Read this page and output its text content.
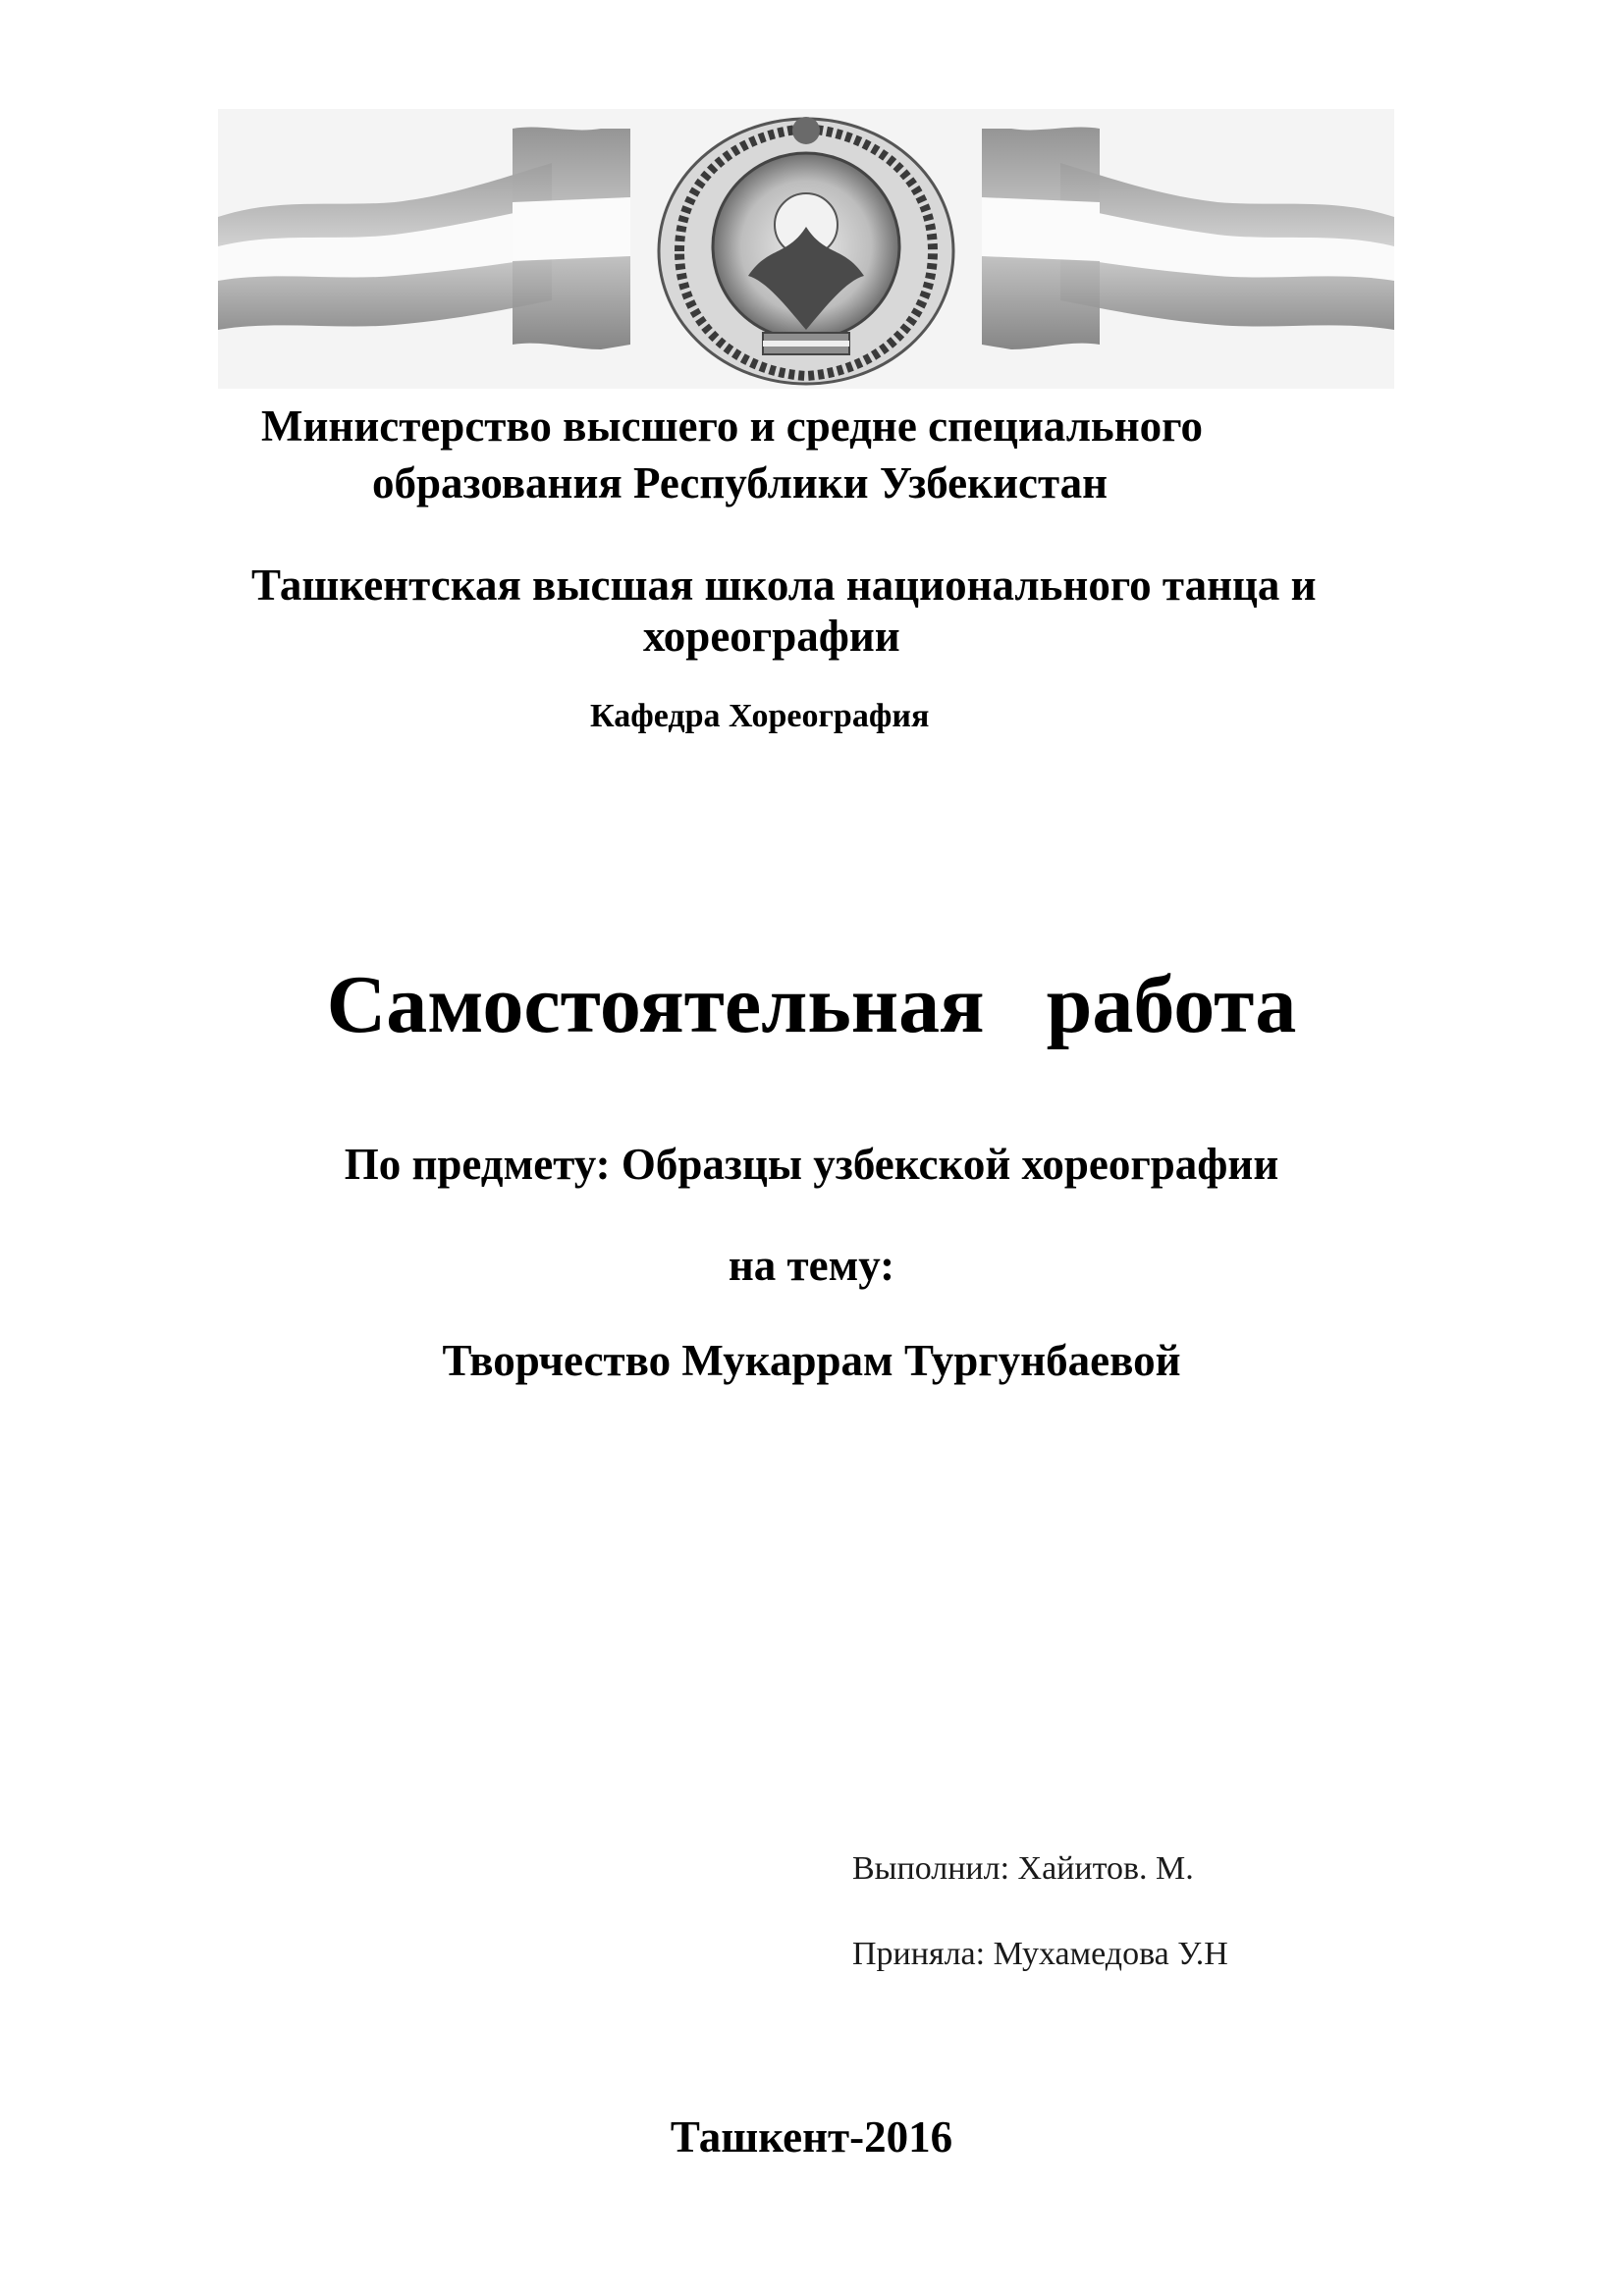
Министерство высшего и средне специального
образования Республики Узбекистан
Ташкентская высшая школа национального танца и
хореографии
Кафедра Хореография
Самостоятельная   работа
По предмету: Образцы узбекской хореографии
на тему:
Творчество Мукаррам Тургунбаевой
Выполнил: Хайитов. М.
Приняла: Мухамедова У.Н
Ташкент-2016
